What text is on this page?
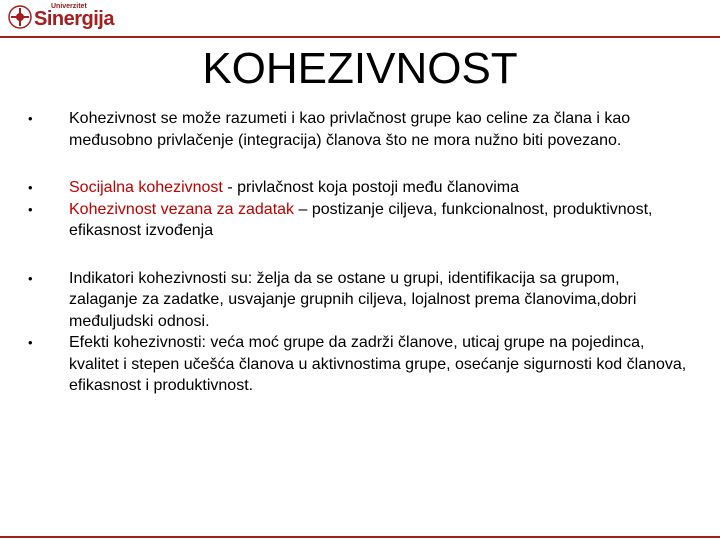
Univerzitet
Sinergija
KOHEZIVNOST
•	Kohezivnost se može razumeti i kao privlačnost grupe kao celine za člana i kao međusobno privlačenje (integracija) članova što ne mora nužno biti povezano.
•	Socijalna kohezivnost - privlačnost koja postoji među članovima
•	Kohezivnost vezana za zadatak – postizanje ciljeva, funkcionalnost, produktivnost, efikasnost izvođenja
•	Indikatori kohezivnosti su: želja da se ostane u grupi, identifikacija sa grupom, zalaganje za zadatke, usvajanje grupnih ciljeva, lojalnost prema članovima,dobri međuljudski odnosi.
•	Efekti kohezivnosti: veća moć grupe da zadrži članove, uticaj grupe na pojedinca, kvalitet i stepen učešća članova u aktivnostima grupe, osećanje sigurnosti kod članova, efikasnost i produktivnost.
